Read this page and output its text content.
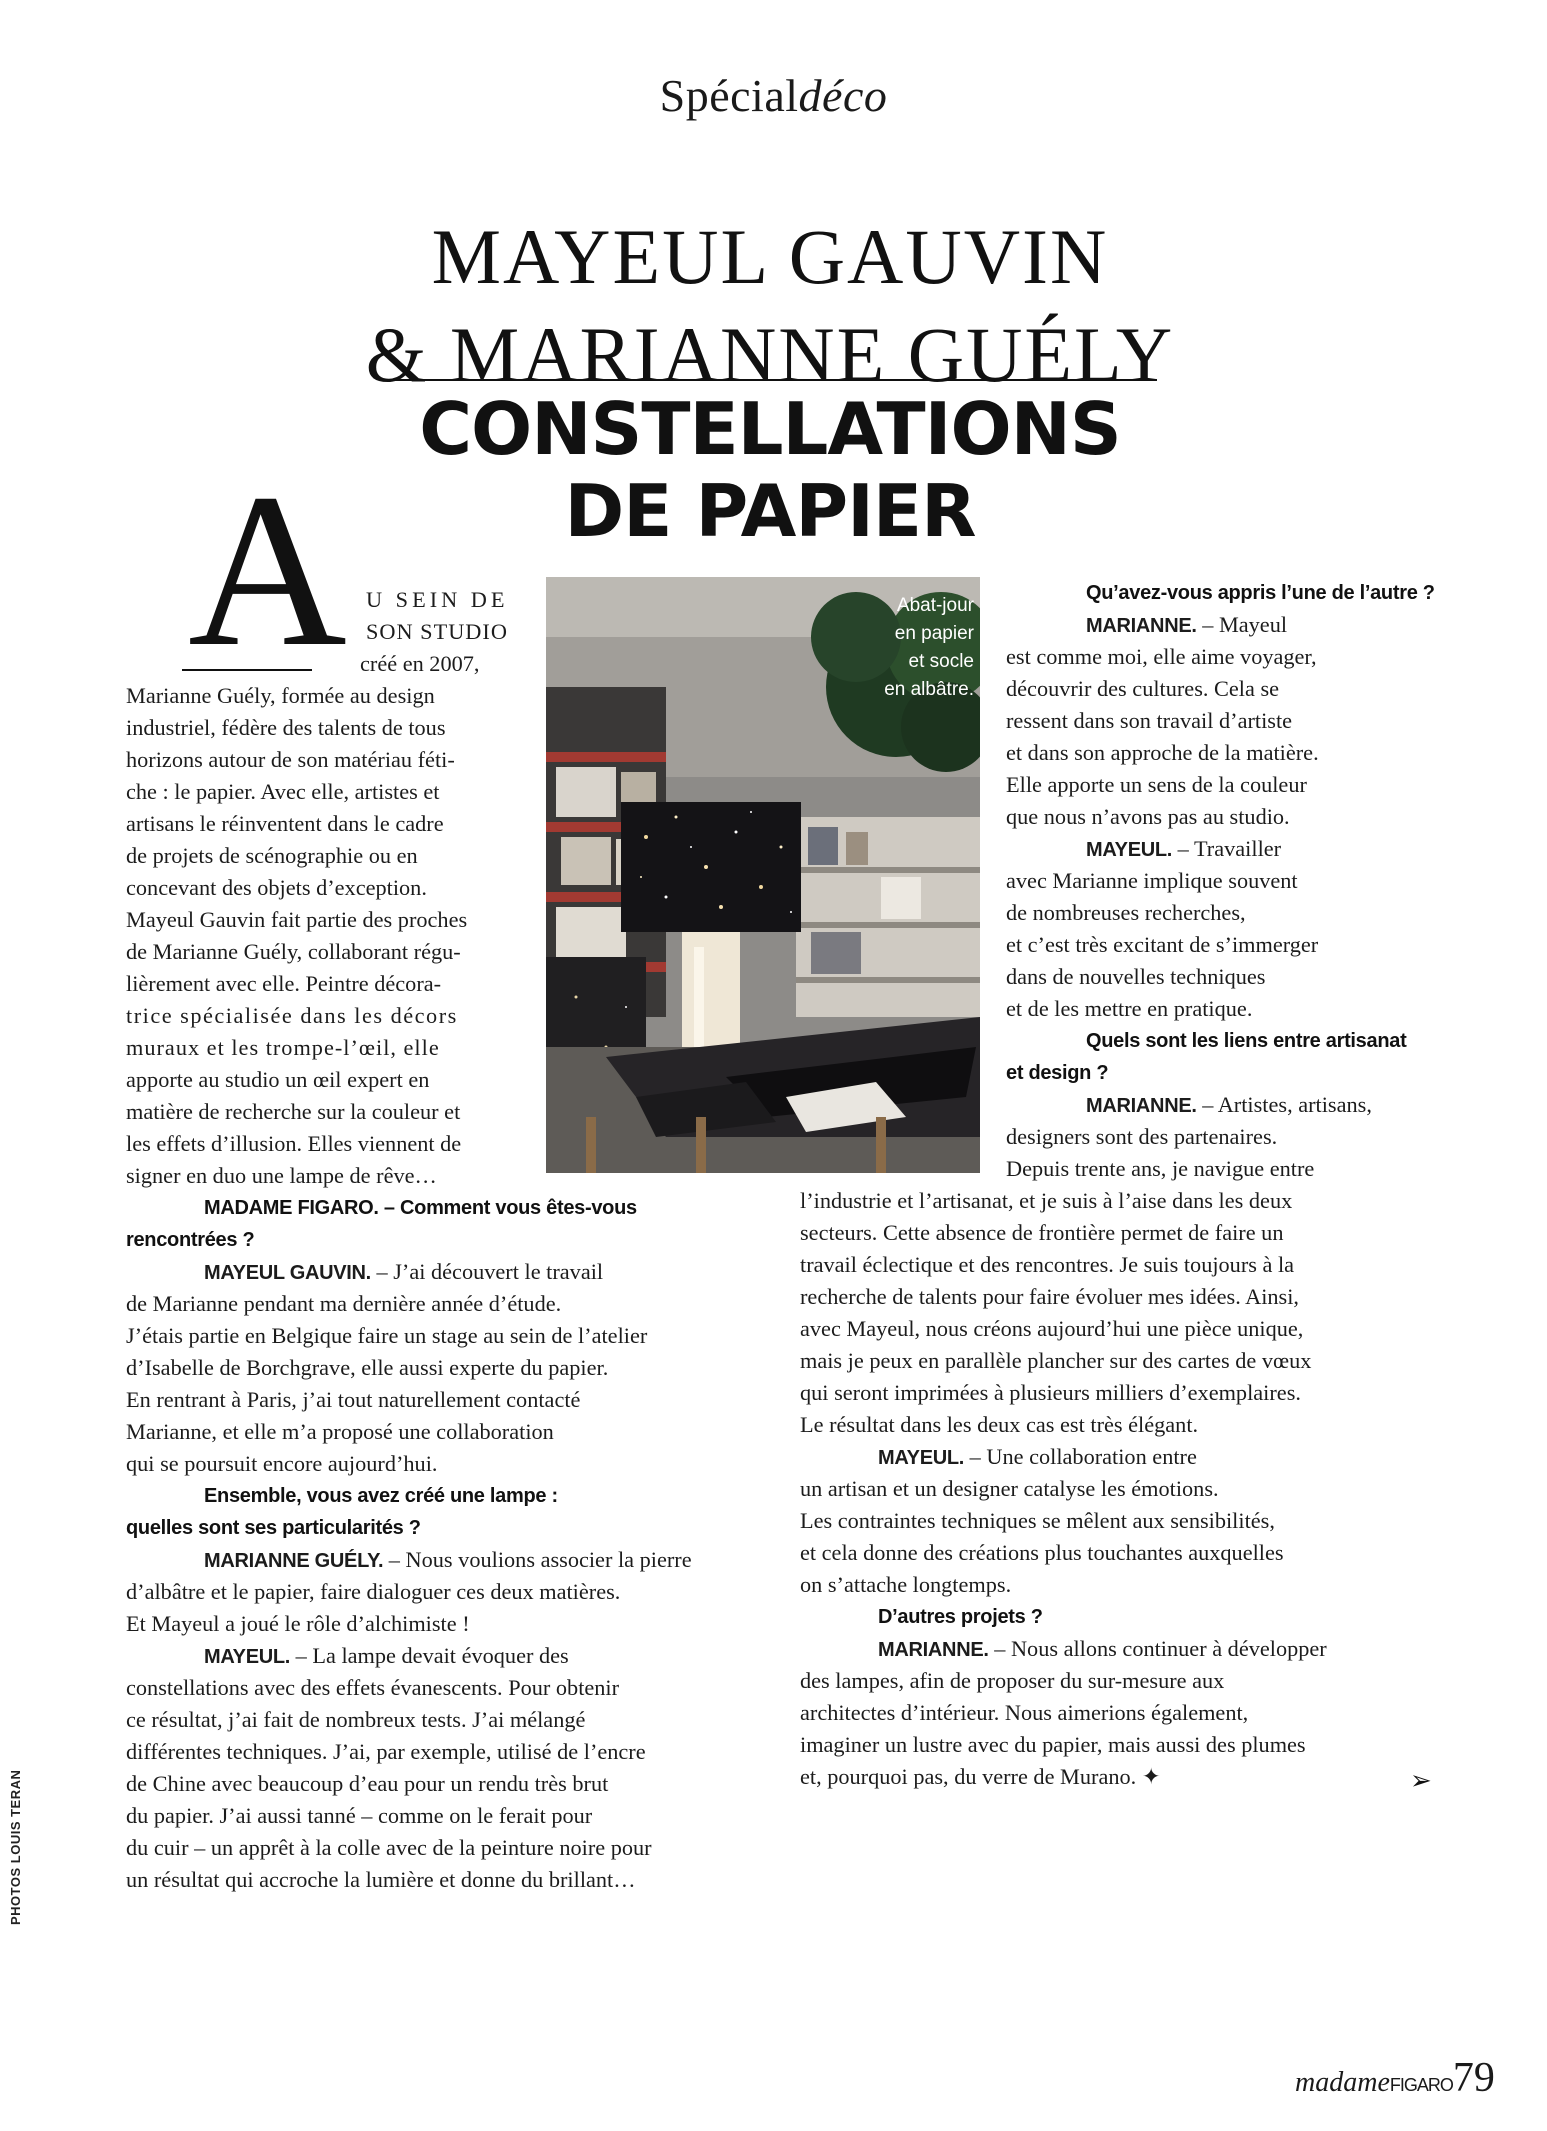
Spécialdéco
MAYEUL GAUVIN
& MARIANNE GUÉLY
CONSTELLATIONS
DE PAPIER
A U SEIN DE
SON STUDIO
créé en 2007,
Marianne Guély, formée au design
industriel, fédère des talents de tous
horizons autour de son matériau féti-
che : le papier. Avec elle, artistes et
artisans le réinventent dans le cadre
de projets de scénographie ou en
concevant des objets d’exception.
Mayeul Gauvin fait partie des proches
de Marianne Guély, collaborant régu-
lièrement avec elle. Peintre décora-
trice spécialisée dans les décors
muraux et les trompe-l’œil, elle
apporte au studio un œil expert en
matière de recherche sur la couleur et
les effets d’illusion. Elles viennent de
signer en duo une lampe de rêve…
Abat-jour
en papier
et socle
en albâtre.
MADAME FIGARO. – Comment vous êtes-vous
rencontrées ?
MAYEUL GAUVIN. – J’ai découvert le travail
de Marianne pendant ma dernière année d’étude.
J’étais partie en Belgique faire un stage au sein de l’atelier
d’Isabelle de Borchgrave, elle aussi experte du papier.
En rentrant à Paris, j’ai tout naturellement contacté
Marianne, et elle m’a proposé une collaboration
qui se poursuit encore aujourd’hui.
Ensemble, vous avez créé une lampe :
quelles sont ses particularités ?
MARIANNE GUÉLY. – Nous voulions associer la pierre
d’albâtre et le papier, faire dialoguer ces deux matières.
Et Mayeul a joué le rôle d’alchimiste !
MAYEUL. – La lampe devait évoquer des
constellations avec des effets évanescents. Pour obtenir
ce résultat, j’ai fait de nombreux tests. J’ai mélangé
différentes techniques. J’ai, par exemple, utilisé de l’encre
de Chine avec beaucoup d’eau pour un rendu très brut
du papier. J’ai aussi tanné – comme on le ferait pour
du cuir – un apprêt à la colle avec de la peinture noire pour
un résultat qui accroche la lumière et donne du brillant…
Qu’avez-vous appris l’une de l’autre ?
MARIANNE. – Mayeul
est comme moi, elle aime voyager,
découvrir des cultures. Cela se
ressent dans son travail d’artiste
et dans son approche de la matière.
Elle apporte un sens de la couleur
que nous n’avons pas au studio.
MAYEUL. – Travailler
avec Marianne implique souvent
de nombreuses recherches,
et c’est très excitant de s’immerger
dans de nouvelles techniques
et de les mettre en pratique.
Quels sont les liens entre artisanat
et design ?
MARIANNE. – Artistes, artisans,
designers sont des partenaires.
Depuis trente ans, je navigue entre
l’industrie et l’artisanat, et je suis à l’aise dans les deux
secteurs. Cette absence de frontière permet de faire un
travail éclectique et des rencontres. Je suis toujours à la
recherche de talents pour faire évoluer mes idées. Ainsi,
avec Mayeul, nous créons aujourd’hui une pièce unique,
mais je peux en parallèle plancher sur des cartes de vœux
qui seront imprimées à plusieurs milliers d’exemplaires.
Le résultat dans les deux cas est très élégant.
MAYEUL. – Une collaboration entre
un artisan et un designer catalyse les émotions.
Les contraintes techniques se mêlent aux sensibilités,
et cela donne des créations plus touchantes auxquelles
on s’attache longtemps.
D’autres projets ?
MARIANNE. – Nous allons continuer à développer
des lampes, afin de proposer du sur-mesure aux
architectes d’intérieur. Nous aimerions également,
imaginer un lustre avec du papier, mais aussi des plumes
et, pourquoi pas, du verre de Murano. ✦
PHOTOS LOUIS TERAN	➢
madameFIGARO79
